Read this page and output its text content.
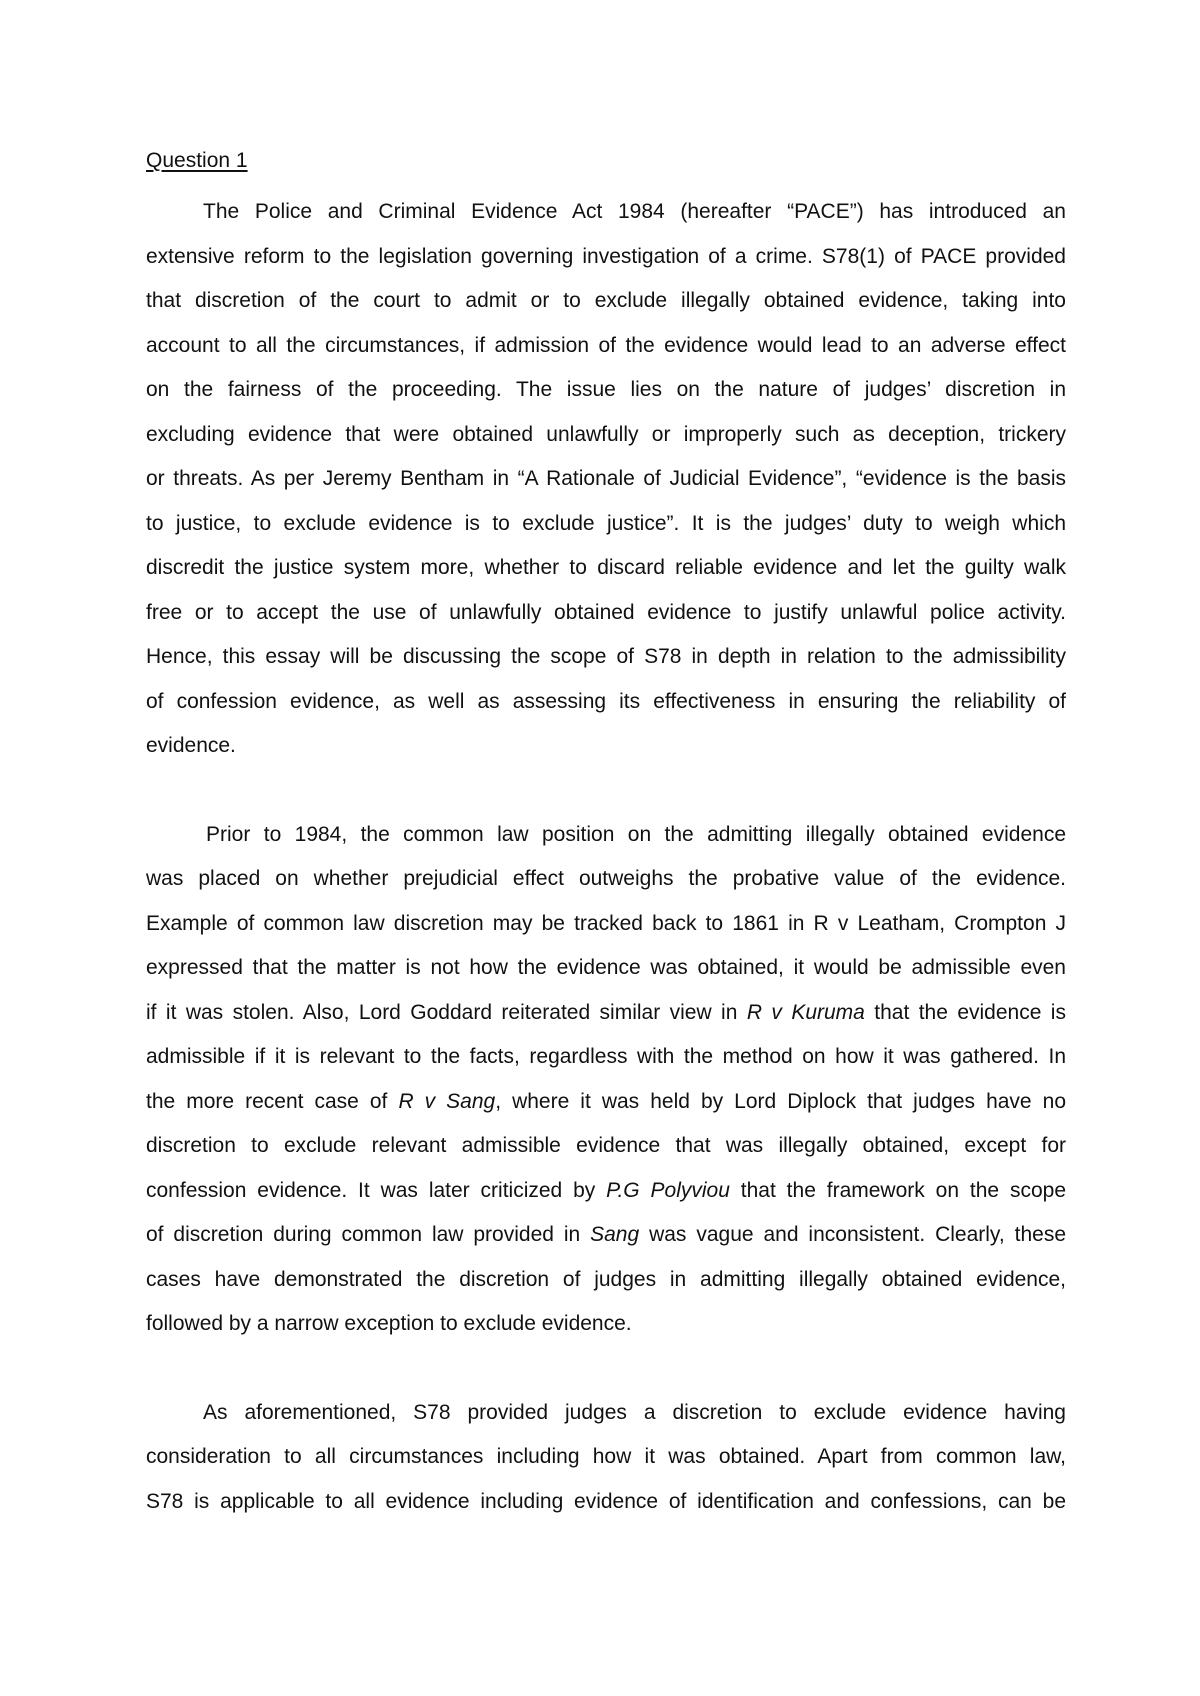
Question 1

The Police and Criminal Evidence Act 1984 (hereafter “PACE”) has introduced an
extensive reform to the legislation governing investigation of a crime. S78(1) of PACE provided
that discretion of the court to admit or to exclude illegally obtained evidence, taking into
account to all the circumstances, if admission of the evidence would lead to an adverse effect
on the fairness of the proceeding. The issue lies on the nature of judges’ discretion in
excluding evidence that were obtained unlawfully or improperly such as deception, trickery
or threats. As per Jeremy Bentham in “A Rationale of Judicial Evidence”, “evidence is the basis
to justice, to exclude evidence is to exclude justice”. It is the judges’ duty to weigh which
discredit the justice system more, whether to discard reliable evidence and let the guilty walk
free or to accept the use of unlawfully obtained evidence to justify unlawful police activity.
Hence, this essay will be discussing the scope of S78 in depth in relation to the admissibility
of confession evidence, as well as assessing its effectiveness in ensuring the reliability of
evidence.

Prior to 1984, the common law position on the admitting illegally obtained evidence
was placed on whether prejudicial effect outweighs the probative value of the evidence.
Example of common law discretion may be tracked back to 1861 in R v Leatham, Crompton J
expressed that the matter is not how the evidence was obtained, it would be admissible even
if it was stolen. Also, Lord Goddard reiterated similar view in R v Kuruma that the evidence is
admissible if it is relevant to the facts, regardless with the method on how it was gathered. In
the more recent case of R v Sang, where it was held by Lord Diplock that judges have no
discretion to exclude relevant admissible evidence that was illegally obtained, except for
confession evidence. It was later criticized by P.G Polyviou that the framework on the scope
of discretion during common law provided in Sang was vague and inconsistent. Clearly, these
cases have demonstrated the discretion of judges in admitting illegally obtained evidence,
followed by a narrow exception to exclude evidence.

As aforementioned, S78 provided judges a discretion to exclude evidence having
consideration to all circumstances including how it was obtained. Apart from common law,
S78 is applicable to all evidence including evidence of identification and confessions, can be
